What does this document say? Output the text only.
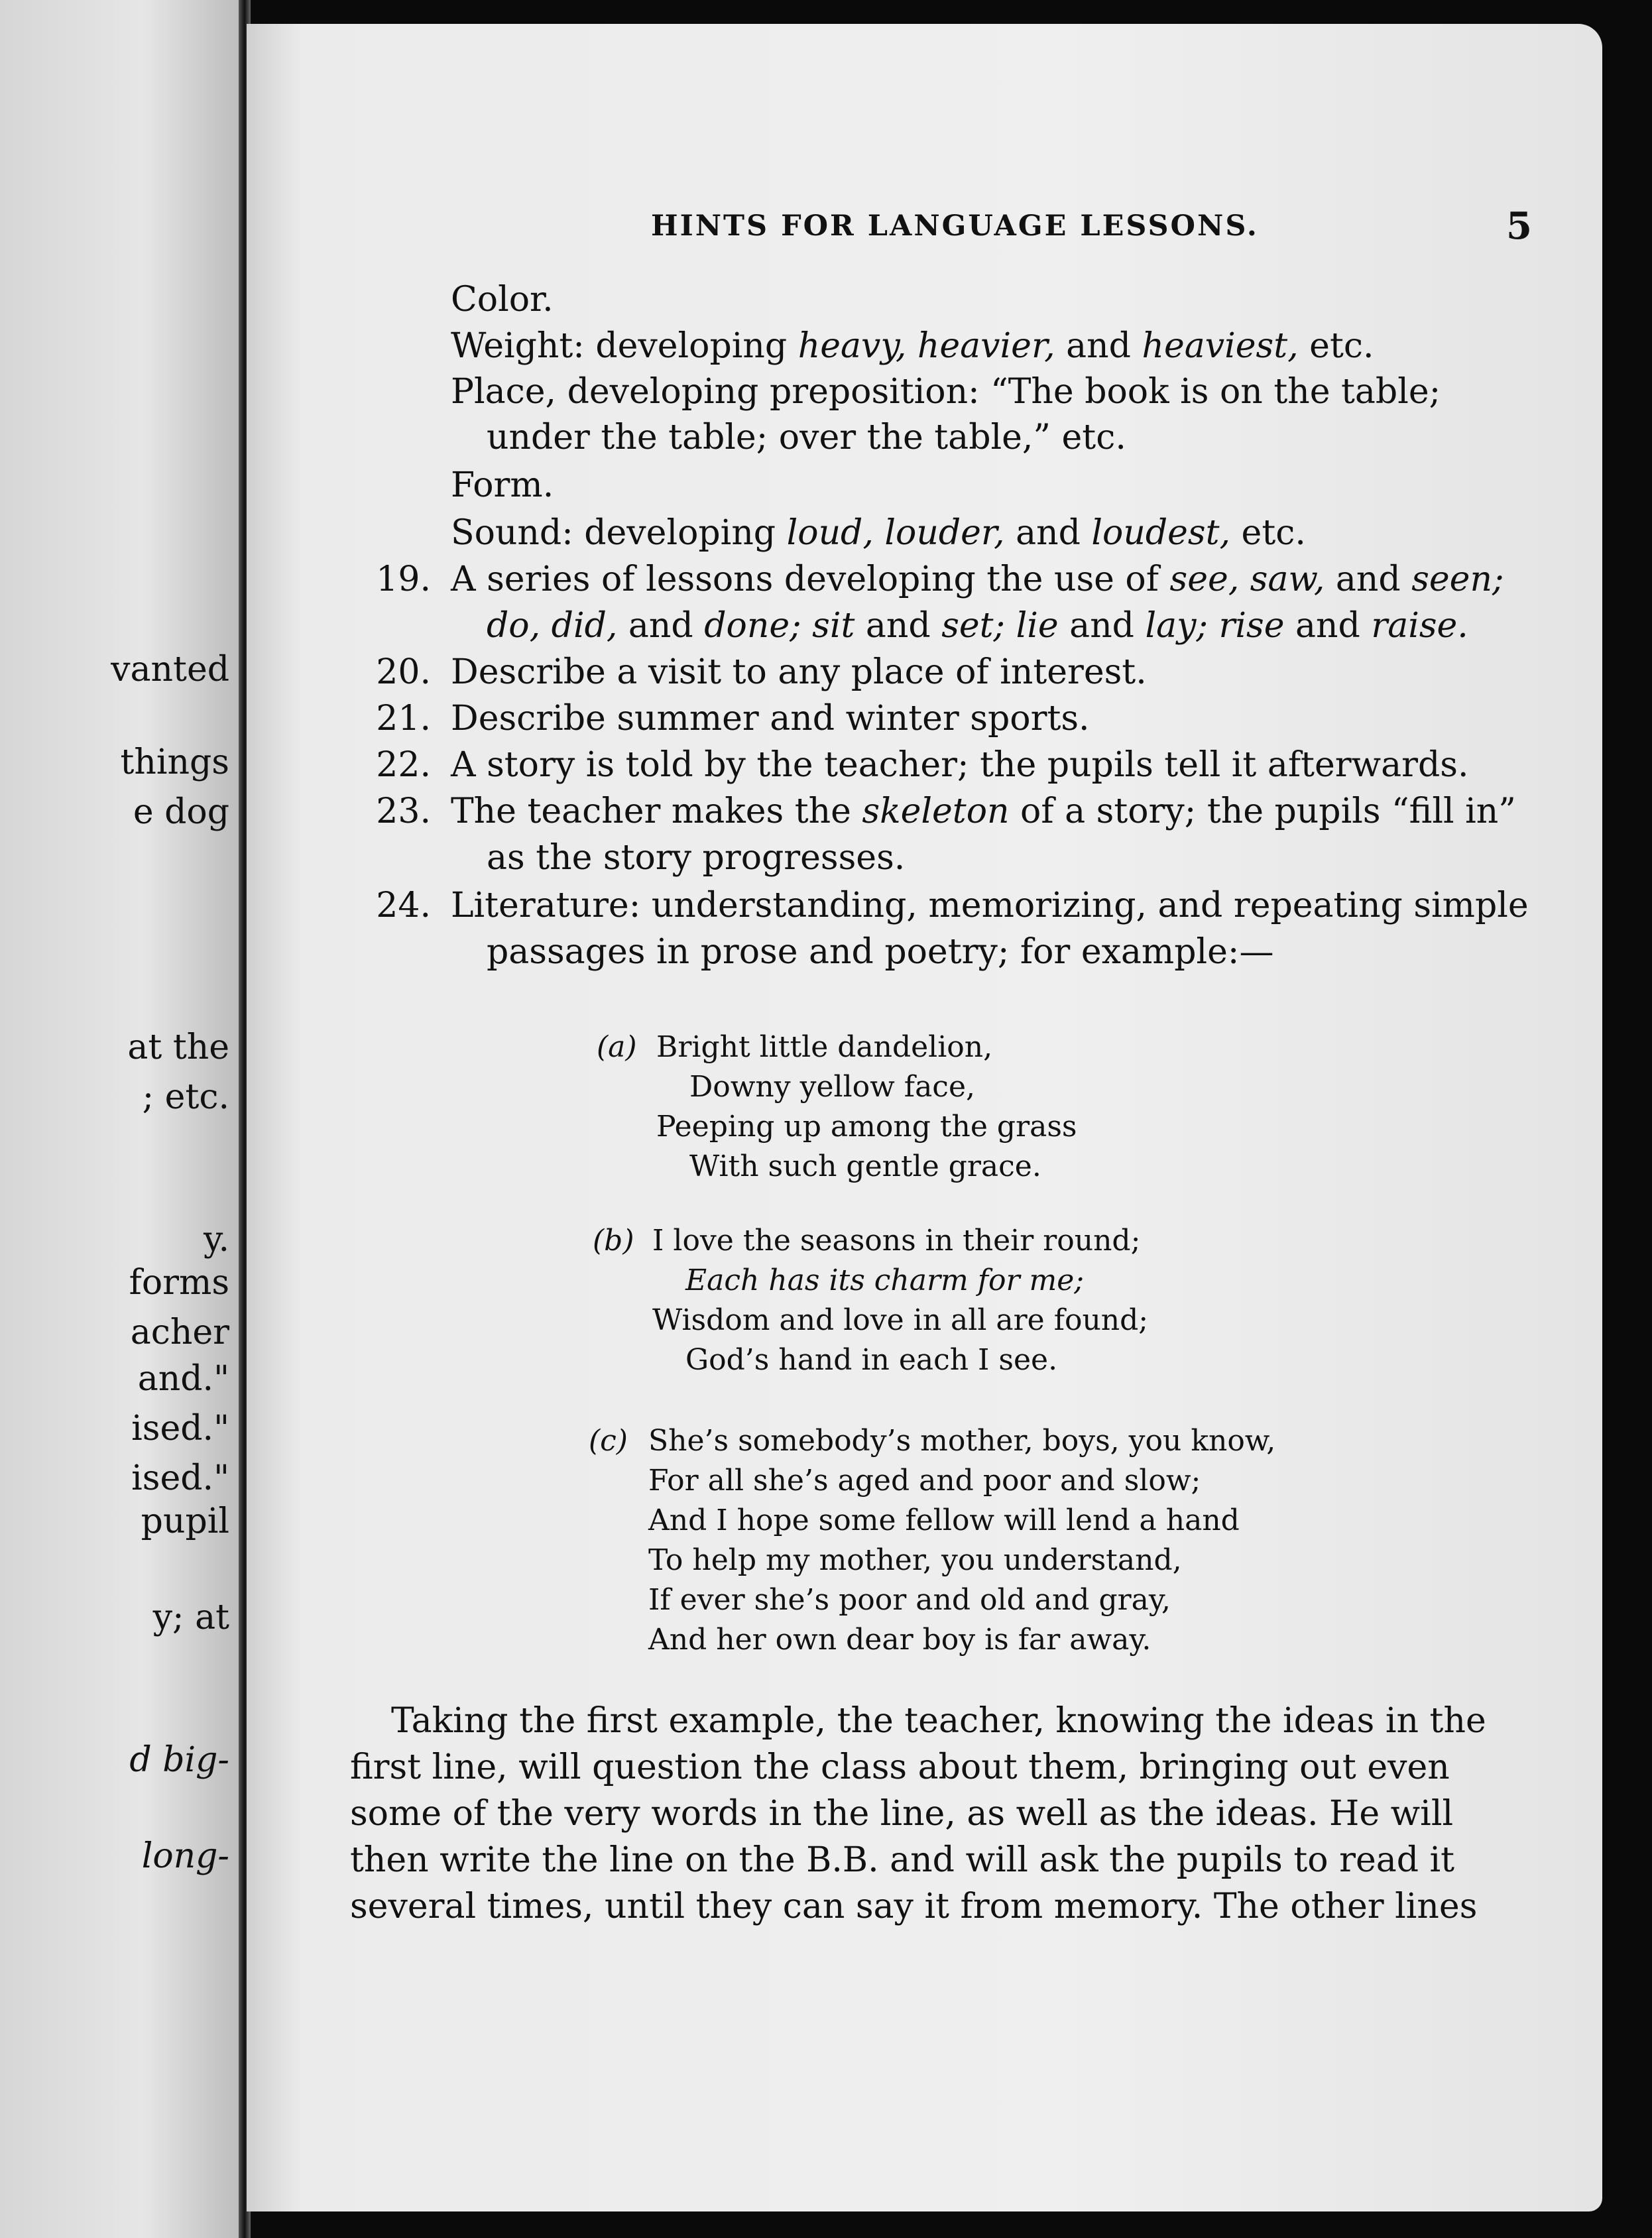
vanted
things
e dog
at the
; etc.
y.
forms
acher
and."
ised."
ised."
pupil
y; at
d big-
long-
HINTS FOR LANGUAGE LESSONS.	5
Color.
Weight: developing heavy, heavier, and heaviest, etc.
Place, developing preposition: “The book is on the table;
under the table; over the table,” etc.
Form.
Sound: developing loud, louder, and loudest, etc.
19. A series of lessons developing the use of see, saw, and seen;
do, did, and done; sit and set; lie and lay; rise and raise.
20. Describe a visit to any place of interest.
21. Describe summer and winter sports.
22. A story is told by the teacher; the pupils tell it afterwards.
23. The teacher makes the skeleton of a story; the pupils “fill in”
as the story progresses.
24. Literature: understanding, memorizing, and repeating simple
passages in prose and poetry; for example:—
(a) Bright little dandelion,
Downy yellow face,
Peeping up among the grass
With such gentle grace.
(b) I love the seasons in their round;
Each has its charm for me;
Wisdom and love in all are found;
God’s hand in each I see.
(c) She’s somebody’s mother, boys, you know,
For all she’s aged and poor and slow;
And I hope some fellow will lend a hand
To help my mother, you understand,
If ever she’s poor and old and gray,
And her own dear boy is far away.
Taking the first example, the teacher, knowing the ideas in the
first line, will question the class about them, bringing out even
some of the very words in the line, as well as the ideas. He will
then write the line on the B.B. and will ask the pupils to read it
several times, until they can say it from memory. The other lines
